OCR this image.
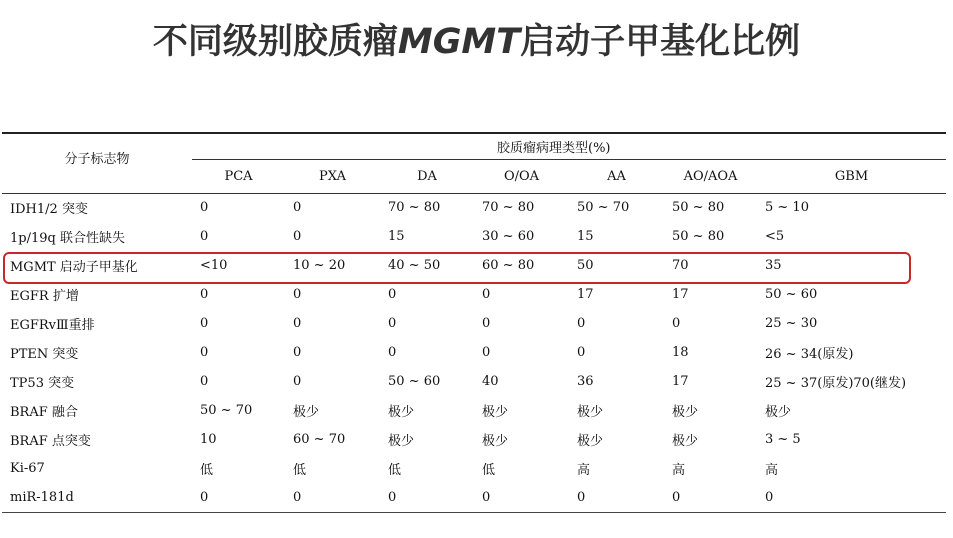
不同级别胶质瘤MGMT启动子甲基化比例
分子标志物	胶质瘤病理类型(%)						
	PCA	PXA	DA	O/OA	AA	AO/AOA	GBM
IDH1/2 突变	0	0	70 ~ 80	70 ~ 80	50 ~ 70	50 ~ 80	5 ~ 10
1p/19q 联合性缺失	0	0	15	30 ~ 60	15	50 ~ 80	<5
MGMT 启动子甲基化	<10	10 ~ 20	40 ~ 50	60 ~ 80	50	70	35
EGFR 扩增	0	0	0	0	17	17	50 ~ 60
EGFRvⅢ重排	0	0	0	0	0	0	25 ~ 30
PTEN 突变	0	0	0	0	0	18	26 ~ 34(原发)
TP53 突变	0	0	50 ~ 60	40	36	17	25 ~ 37(原发)70(继发)
BRAF 融合	50 ~ 70	极少	极少	极少	极少	极少	极少
BRAF 点突变	10	60 ~ 70	极少	极少	极少	极少	3 ~ 5
Ki-67	低	低	低	低	高	高	高
miR-181d	0	0	0	0	0	0	0
